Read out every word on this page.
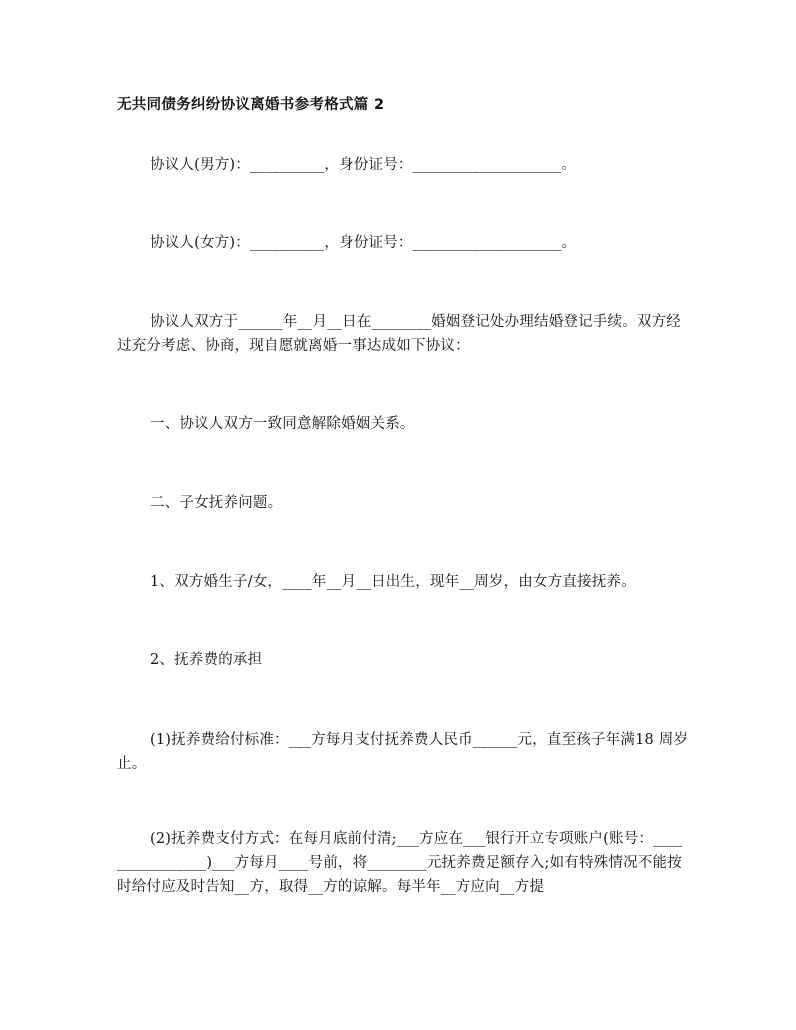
无共同债务纠纷协议离婚书参考格式篇 2
协议人(男方)：__________，身份证号：____________________。
协议人(女方)：__________，身份证号：____________________。
协议人双方于______年__月__日在________婚姻登记处办理结婚登记手续。双方经过充分考虑、协商，现自愿就离婚一事达成如下协议：
一、协议人双方一致同意解除婚姻关系。
二、子女抚养问题。
1、双方婚生子/女，____年__月__日出生，现年__周岁，由女方直接抚养。
2、抚养费的承担
(1)抚养费给付标准：___方每月支付抚养费人民币______元，直至孩子年满18 周岁止。
(2)抚养费支付方式：在每月底前付清;___方应在___银行开立专项账户(账号：________________)___方每月____号前，将________元抚养费足额存入;如有特殊情况不能按时给付应及时告知__方，取得__方的谅解。每半年__方应向__方提
